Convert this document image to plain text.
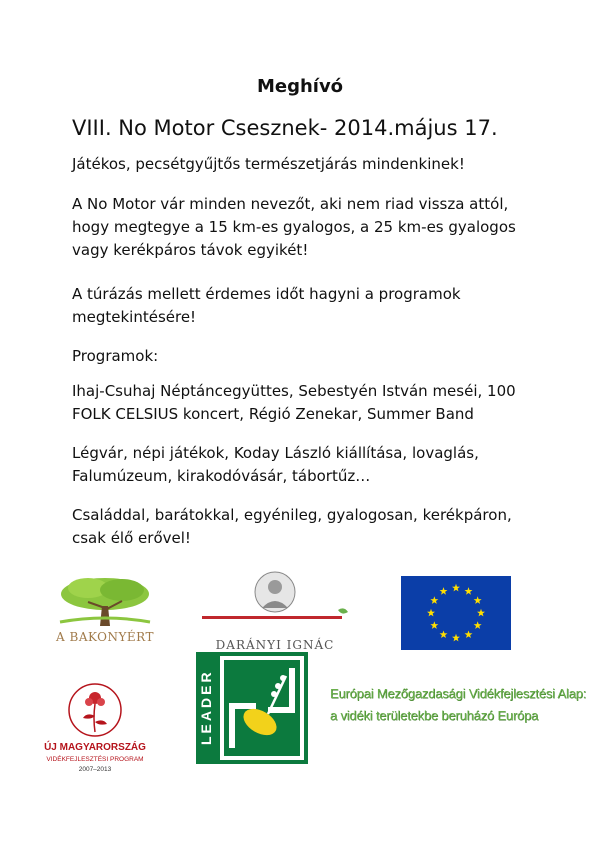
Meghívó
VIII. No Motor Csesznek- 2014.május 17.
Játékos, pecsétgyűjtős természetjárás mindenkinek!
A No Motor vár minden nevezőt, aki nem riad vissza attól,
hogy megtegye a 15 km-es gyalogos, a 25 km-es gyalogos
vagy kerékpáros távok egyikét!
A túrázás mellett érdemes időt hagyni a programok
megtekintésére!
Programok:
Ihaj-Csuhaj Néptáncegyüttes, Sebestyén István meséi, 100
FOLK CELSIUS koncert, Régió Zenekar, Summer Band
Légvár, népi játékok, Koday László kiállítása, lovaglás,
Falumúzeum, kirakodóvásár, tábortűz…
Családdal, barátokkal, egyénileg, gyalogosan, kerékpáron,
csak élő erővel!
A BAKONYÉRT
DARÁNYI IGNÁC
ÚJ MAGYARORSZÁG
VIDÉKFEJLESZTÉSI PROGRAM
2007–2013
LEADER	Európai Mezőgazdasági Vidékfejlesztési Alap:
a vidéki területekbe beruházó Európa
